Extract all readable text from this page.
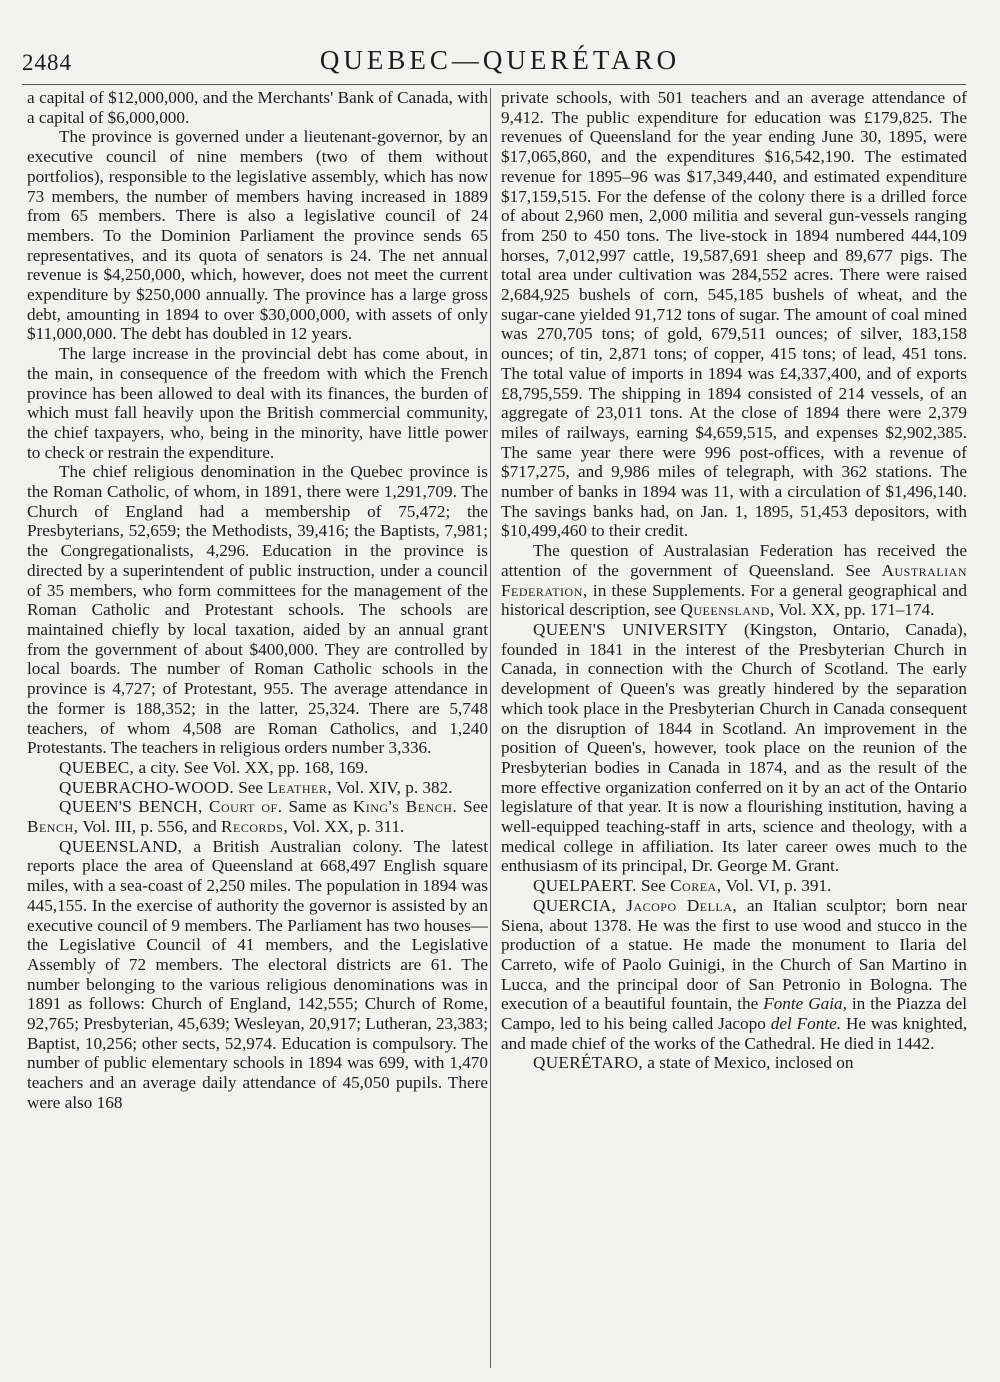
2484	QUEBEC—QUERÉTARO

a capital of $12,000,000, and the Merchants' Bank of Canada, with a capital of $6,000,000.

The province is governed under a lieutenant-governor, by an executive council of nine members (two of them without portfolios), responsible to the legislative assembly, which has now 73 members, the number of members having increased in 1889 from 65 members. There is also a legislative council of 24 members. To the Dominion Parliament the province sends 65 representatives, and its quota of senators is 24. The net annual revenue is $4,250,000, which, however, does not meet the current expenditure by $250,000 annually. The province has a large gross debt, amounting in 1894 to over $30,000,000, with assets of only $11,000,000. The debt has doubled in 12 years.

The large increase in the provincial debt has come about, in the main, in consequence of the freedom with which the French province has been allowed to deal with its finances, the burden of which must fall heavily upon the British commercial community, the chief taxpayers, who, being in the minority, have little power to check or restrain the expenditure.

The chief religious denomination in the Quebec province is the Roman Catholic, of whom, in 1891, there were 1,291,709. The Church of England had a membership of 75,472; the Presbyterians, 52,659; the Methodists, 39,416; the Baptists, 7,981; the Congregationalists, 4,296. Education in the province is directed by a superintendent of public instruction, under a council of 35 members, who form committees for the management of the Roman Catholic and Protestant schools. The schools are maintained chiefly by local taxation, aided by an annual grant from the government of about $400,000. They are controlled by local boards. The number of Roman Catholic schools in the province is 4,727; of Protestant, 955. The average attendance in the former is 188,352; in the latter, 25,324. There are 5,748 teachers, of whom 4,508 are Roman Catholics, and 1,240 Protestants. The teachers in religious orders number 3,336.

QUEBEC, a city. See Vol. XX, pp. 168, 169.

QUEBRACHO-WOOD. See Leather, Vol. XIV, p. 382.

QUEEN'S BENCH, Court of. Same as King's Bench. See Bench, Vol. III, p. 556, and Records, Vol. XX, p. 311.

QUEENSLAND, a British Australian colony. The latest reports place the area of Queensland at 668,497 English square miles, with a sea-coast of 2,250 miles. The population in 1894 was 445,155. In the exercise of authority the governor is assisted by an executive council of 9 members. The Parliament has two houses—the Legislative Council of 41 members, and the Legislative Assembly of 72 members. The electoral districts are 61. The number belonging to the various religious denominations was in 1891 as follows: Church of England, 142,555; Church of Rome, 92,765; Presbyterian, 45,639; Wesleyan, 20,917; Lutheran, 23,383; Baptist, 10,256; other sects, 52,974. Education is compulsory. The number of public elementary schools in 1894 was 699, with 1,470 teachers and an average daily attendance of 45,050 pupils. There were also 168

private schools, with 501 teachers and an average attendance of 9,412. The public expenditure for education was £179,825. The revenues of Queensland for the year ending June 30, 1895, were $17,065,860, and the expenditures $16,542,190. The estimated revenue for 1895–96 was $17,349,440, and estimated expenditure $17,159,515. For the defense of the colony there is a drilled force of about 2,960 men, 2,000 militia and several gun-vessels ranging from 250 to 450 tons. The live-stock in 1894 numbered 444,109 horses, 7,012,997 cattle, 19,587,691 sheep and 89,677 pigs. The total area under cultivation was 284,552 acres. There were raised 2,684,925 bushels of corn, 545,185 bushels of wheat, and the sugar-cane yielded 91,712 tons of sugar. The amount of coal mined was 270,705 tons; of gold, 679,511 ounces; of silver, 183,158 ounces; of tin, 2,871 tons; of copper, 415 tons; of lead, 451 tons. The total value of imports in 1894 was £4,337,400, and of exports £8,795,559. The shipping in 1894 consisted of 214 vessels, of an aggregate of 23,011 tons. At the close of 1894 there were 2,379 miles of railways, earning $4,659,515, and expenses $2,902,385. The same year there were 996 post-offices, with a revenue of $717,275, and 9,986 miles of telegraph, with 362 stations. The number of banks in 1894 was 11, with a circulation of $1,496,140. The savings banks had, on Jan. 1, 1895, 51,453 depositors, with $10,499,460 to their credit.

The question of Australasian Federation has received the attention of the government of Queensland. See Australian Federation, in these Supplements. For a general geographical and historical description, see Queensland, Vol. XX, pp. 171–174.

QUEEN'S UNIVERSITY (Kingston, Ontario, Canada), founded in 1841 in the interest of the Presbyterian Church in Canada, in connection with the Church of Scotland. The early development of Queen's was greatly hindered by the separation which took place in the Presbyterian Church in Canada consequent on the disruption of 1844 in Scotland. An improvement in the position of Queen's, however, took place on the reunion of the Presbyterian bodies in Canada in 1874, and as the result of the more effective organization conferred on it by an act of the Ontario legislature of that year. It is now a flourishing institution, having a well-equipped teaching-staff in arts, science and theology, with a medical college in affiliation. Its later career owes much to the enthusiasm of its principal, Dr. George M. Grant.

QUELPAERT. See Corea, Vol. VI, p. 391.

QUERCIA, Jacopo Della, an Italian sculptor; born near Siena, about 1378. He was the first to use wood and stucco in the production of a statue. He made the monument to Ilaria del Carreto, wife of Paolo Guinigi, in the Church of San Martino in Lucca, and the principal door of San Petronio in Bologna. The execution of a beautiful fountain, the Fonte Gaia, in the Piazza del Campo, led to his being called Jacopo del Fonte. He was knighted, and made chief of the works of the Cathedral. He died in 1442.

QUERÉTARO, a state of Mexico, inclosed on
